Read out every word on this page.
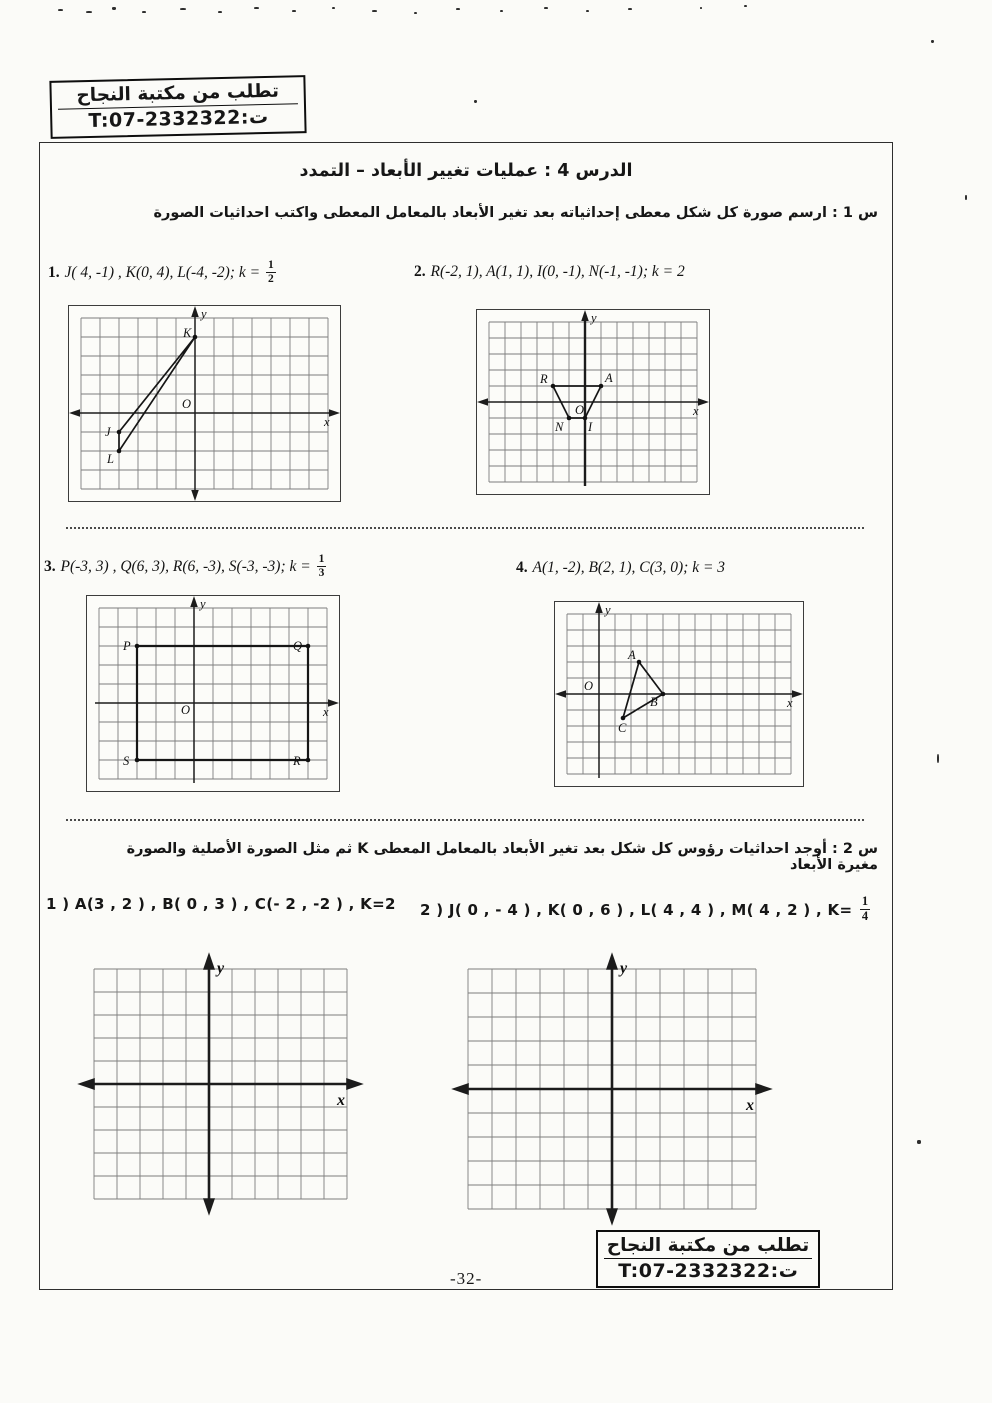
تطلب من مكتبة النجاح
T:07-2332322:ت
الدرس 4 : عمليات تغيير الأبعاد – التمدد
س 1 : ارسم صورة كل شكل معطى إحداثياته بعد تغير الأبعاد بالمعامل المعطى واكتب احداثيات الصورة
1. J( 4, -1) , K(0, 4), L(-4, -2); $k = \frac{1}{2}$	2. R(-2, 1), A(1, 1), I(0, -1), N(-1, -1); k = 2
x
y
O
K
J
L
x
y
O
R	A
I
N
3. P(-3, 3) , Q(6, 3), R(6, -3), S(-3, -3); $k = \frac{1}{3}$	4. A(1, -2), B(2, 1), C(3, 0); k = 3
x
y
O
P	Q
R
S
x
y
O
A
B
C
س 2 : أوجد احداثيات رؤوس كل شكل بعد تغير الأبعاد بالمعامل المعطى K ثم مثل الصورة الأصلية والصورة مغيرة الأبعاد
1 ) A(3 , 2 ) , B( 0 , 3 ) , C(- 2 , -2 ) , K=2 2 ) J( 0 , - 4 ) , K( 0 , 6 ) , L( 4 , 4 ) , M( 4 , 2 ) , $K= \frac{1}{4}$
x
y
x
y
-32-
تطلب من مكتبة النجاح
T:07-2332322:ت
